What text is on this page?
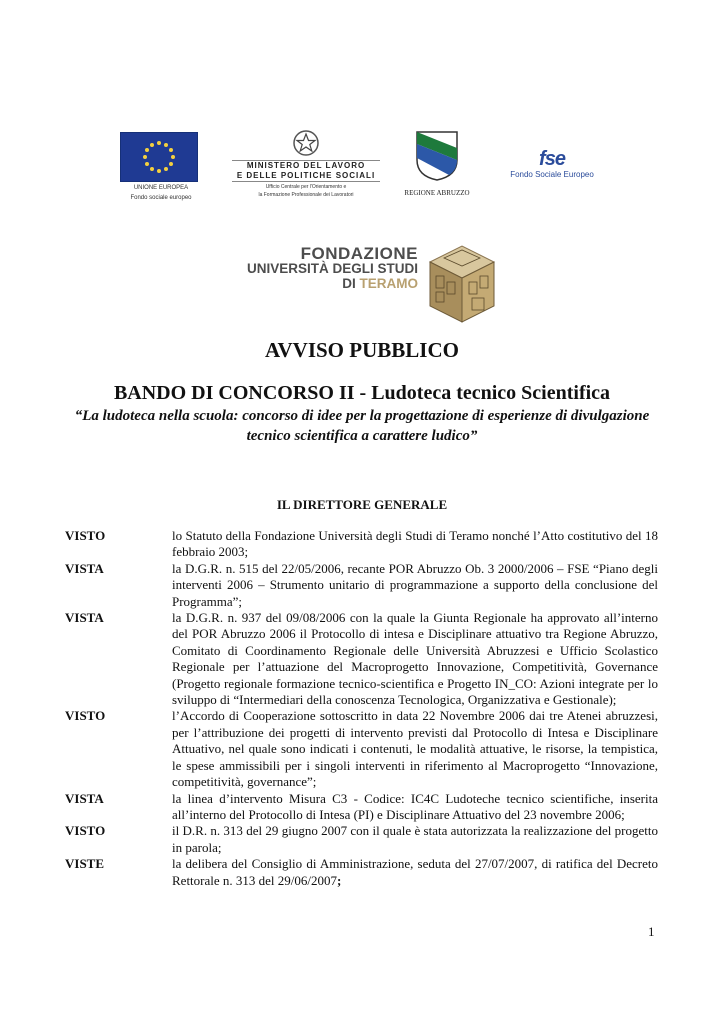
UNIONE EUROPEA
Fondo sociale europeo
MINISTERO DEL LAVORO
E DELLE POLITICHE SOCIALI
Ufficio Centrale per l'Orientamento e
la Formazione Professionale dei Lavoratori	REGIONE ABRUZZO
fse
Fondo Sociale Europeo
FONDAZIONE
UNIVERSITÀ DEGLI STUDI
DI TERAMO
AVVISO PUBBLICO
BANDO DI CONCORSO II - Ludoteca tecnico Scientifica
“La ludoteca nella scuola: concorso di idee per la progettazione di esperienze di divulgazione tecnico scientifica a carattere ludico”
IL DIRETTORE GENERALE
VISTO	lo Statuto della Fondazione Università degli Studi di Teramo nonché l’Atto costitutivo del 18 febbraio 2003;
VISTA	la D.G.R. n. 515 del 22/05/2006, recante POR Abruzzo Ob. 3 2000/2006 – FSE “Piano degli interventi 2006 – Strumento unitario di programmazione a supporto della conclusione del Programma”;
VISTA	la D.G.R. n. 937 del 09/08/2006 con la quale la Giunta Regionale ha approvato all’interno del POR Abruzzo 2006 il Protocollo di intesa e Disciplinare attuativo tra Regione Abruzzo, Comitato di Coordinamento Regionale delle Università Abruzzesi e Ufficio Scolastico Regionale per l’attuazione del Macroprogetto Innovazione, Competitività, Governance (Progetto regionale formazione tecnico-scientifica e Progetto IN_CO: Azioni integrate per lo sviluppo di “Intermediari della conoscenza Tecnologica, Organizzativa e Gestionale);
VISTO	l’Accordo di Cooperazione sottoscritto in data 22 Novembre 2006 dai tre Atenei abruzzesi, per l’attribuzione dei progetti di intervento previsti dal Protocollo di Intesa e Disciplinare Attuativo, nel quale sono indicati i contenuti, le modalità attuative, le risorse, la tempistica, le spese ammissibili per i singoli interventi in riferimento al Macroprogetto “Innovazione, competitività, governance”;
VISTA	la linea d’intervento Misura C3 - Codice: IC4C Ludoteche tecnico scientifiche, inserita all’interno del Protocollo di Intesa (PI) e Disciplinare Attuativo del 23 novembre 2006;
VISTO	il D.R. n. 313 del 29 giugno 2007 con il quale è stata autorizzata la realizzazione del progetto in parola;
VISTE	la delibera del Consiglio di Amministrazione, seduta del 27/07/2007, di ratifica del Decreto Rettorale n. 313 del 29/06/2007;
1
